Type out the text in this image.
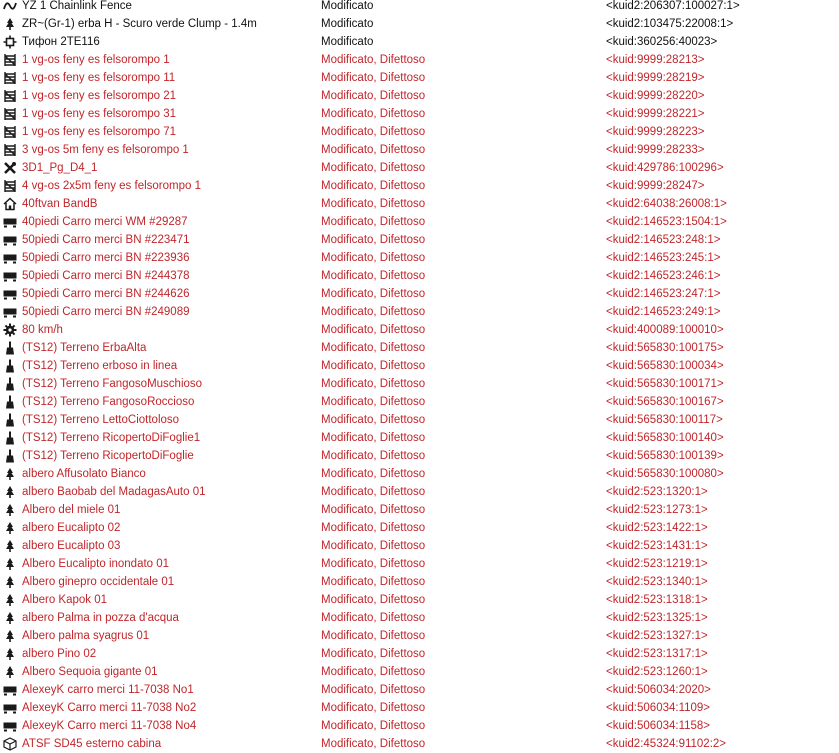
YZ 1 Chainlink Fence	Modificato	<kuid2:206307:100027:1>
ZR~(Gr-1) erba H - Scuro verde Clump - 1.4m	Modificato	<kuid2:103475:22008:1>
Тифон 2TE116	Modificato	<kuid:360256:40023>
1 vg-os feny es felsorompo 1	Modificato, Difettoso	<kuid:9999:28213>
1 vg-os feny es felsorompo 11	Modificato, Difettoso	<kuid:9999:28219>
1 vg-os feny es felsorompo 21	Modificato, Difettoso	<kuid:9999:28220>
1 vg-os feny es felsorompo 31	Modificato, Difettoso	<kuid:9999:28221>
1 vg-os feny es felsorompo 71	Modificato, Difettoso	<kuid:9999:28223>
3 vg-os 5m feny es felsorompo 1	Modificato, Difettoso	<kuid:9999:28233>
3D1_Pg_D4_1	Modificato, Difettoso	<kuid:429786:100296>
4 vg-os 2x5m feny es felsorompo 1	Modificato, Difettoso	<kuid:9999:28247>
40ftvan BandB	Modificato, Difettoso	<kuid2:64038:26008:1>
40piedi Carro merci WM #29287	Modificato, Difettoso	<kuid2:146523:1504:1>
50piedi Carro merci BN #223471	Modificato, Difettoso	<kuid2:146523:248:1>
50piedi Carro merci BN #223936	Modificato, Difettoso	<kuid2:146523:245:1>
50piedi Carro merci BN #244378	Modificato, Difettoso	<kuid2:146523:246:1>
50piedi Carro merci BN #244626	Modificato, Difettoso	<kuid2:146523:247:1>
50piedi Carro merci BN #249089	Modificato, Difettoso	<kuid2:146523:249:1>
80 km/h	Modificato, Difettoso	<kuid:400089:100010>
(TS12) Terreno ErbaAlta	Modificato, Difettoso	<kuid:565830:100175>
(TS12) Terreno erboso in linea	Modificato, Difettoso	<kuid:565830:100034>
(TS12) Terreno FangosoMuschioso	Modificato, Difettoso	<kuid:565830:100171>
(TS12) Terreno FangosoRoccioso	Modificato, Difettoso	<kuid:565830:100167>
(TS12) Terreno LettoCiottoloso	Modificato, Difettoso	<kuid:565830:100117>
(TS12) Terreno RicopertoDiFoglie1	Modificato, Difettoso	<kuid:565830:100140>
(TS12) Terreno RicopertoDiFoglie	Modificato, Difettoso	<kuid:565830:100139>
albero Affusolato Bianco	Modificato, Difettoso	<kuid:565830:100080>
albero Baobab del MadagasAuto 01	Modificato, Difettoso	<kuid2:523:1320:1>
Albero del miele 01	Modificato, Difettoso	<kuid2:523:1273:1>
albero Eucalipto 02	Modificato, Difettoso	<kuid2:523:1422:1>
albero Eucalipto 03	Modificato, Difettoso	<kuid2:523:1431:1>
Albero Eucalipto inondato 01	Modificato, Difettoso	<kuid2:523:1219:1>
Albero ginepro occidentale 01	Modificato, Difettoso	<kuid2:523:1340:1>
Albero Kapok 01	Modificato, Difettoso	<kuid2:523:1318:1>
albero Palma in pozza d'acqua	Modificato, Difettoso	<kuid2:523:1325:1>
Albero palma syagrus 01	Modificato, Difettoso	<kuid2:523:1327:1>
albero Pino 02	Modificato, Difettoso	<kuid2:523:1317:1>
Albero Sequoia gigante 01	Modificato, Difettoso	<kuid2:523:1260:1>
AlexeyK carro merci 11-7038 No1	Modificato, Difettoso	<kuid:506034:2020>
AlexeyK Carro merci 11-7038 No2	Modificato, Difettoso	<kuid:506034:1109>
AlexeyK Carro merci 11-7038 No4	Modificato, Difettoso	<kuid:506034:1158>
ATSF SD45 esterno cabina	Modificato, Difettoso	<kuid2:45324:91102:2>
